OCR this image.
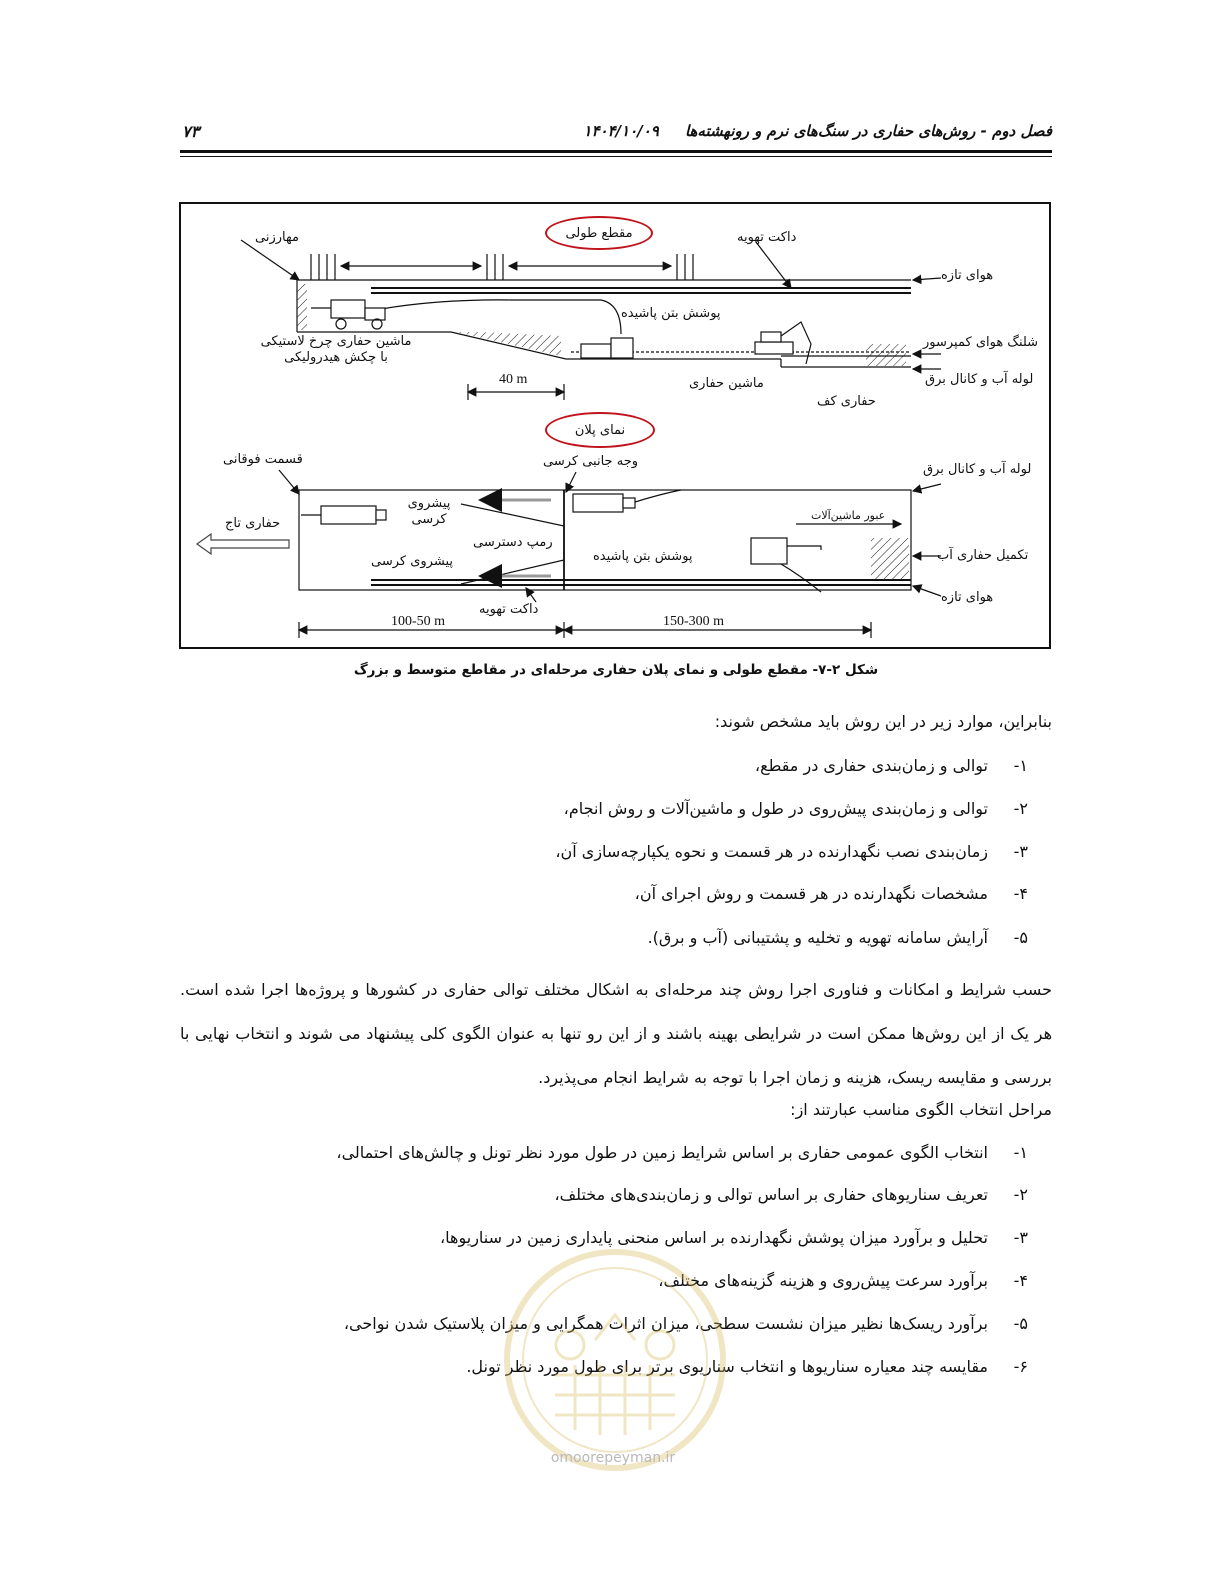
۷۳	فصل دوم - روش‌های حفاری در سنگ‌های نرم و رونهشته‌ها     ۱۴۰۴/۱۰/۰۹
مقطع طولی
نمای پلان
مهارزنی	داکت تهویه
هوای تازه
پوشش بتن پاشیده
شلنگ هوای کمپرسور
ماشین حفاری چرخ لاستیکی
با چکش هیدرولیکی
لوله آب و کانال برق
40 m	ماشین حفاری
حفاری کف
قسمت فوقانی	وجه جانبی کرسی
لوله آب و کانال برق
حفاری تاج
پیشروی
کرسی
رمپ دسترسی
پیشروی کرسی
عبور ماشین‌آلات
پوشش بتن پاشیده	تکمیل حفاری آب
داکت تهویه
هوای تازه
100-50 m	150-300 m
شکل ۲-۷- مقطع طولی و نمای پلان حفاری مرحله‌ای در مقاطع متوسط و بزرگ
بنابراین، موارد زیر در این روش باید مشخص شوند:
۱-توالی و زمان‌بندی حفاری در مقطع،
۲-توالی و زمان‌بندی پیش‌روی در طول و ماشین‌آلات و روش انجام،
۳-زمان‌بندی نصب نگهدارنده در هر قسمت و نحوه یکپارچه‌سازی آن،
۴-مشخصات نگهدارنده در هر قسمت و روش اجرای آن،
۵-آرایش سامانه تهویه و تخلیه و پشتیبانی (آب و برق).
حسب شرایط و امکانات و فناوری اجرا روش چند مرحله‌ای به اشکال مختلف توالی حفاری در کشورها و پروژه‌ها اجرا شده است. هر یک از این روش‌ها ممکن است در شرایطی بهینه باشند و از این رو تنها به عنوان الگوی کلی پیشنهاد می شوند و انتخاب نهایی با بررسی و مقایسه ریسک، هزینه و زمان اجرا با توجه به شرایط انجام می‌پذیرد.
مراحل انتخاب الگوی مناسب عبارتند از:
۱-انتخاب الگوی عمومی حفاری بر اساس شرایط زمین در طول مورد نظر تونل و چالش‌های احتمالی،
۲-تعریف سناریوهای حفاری بر اساس توالی و زمان‌بندی‌های مختلف،
۳-تحلیل و برآورد میزان پوشش نگهدارنده بر اساس منحنی پایداری زمین در سناریوها،
۴-برآورد سرعت پیش‌روی و هزینه گزینه‌های مختلف،
۵-برآورد ریسک‌ها نظیر میزان نشست سطحی، میزان اثرات همگرایی و میزان پلاستیک شدن نواحی،
۶-مقایسه چند معیاره سناریوها و انتخاب سناریوی برتر برای طول مورد نظر تونل.
omoorepeyman.ir
